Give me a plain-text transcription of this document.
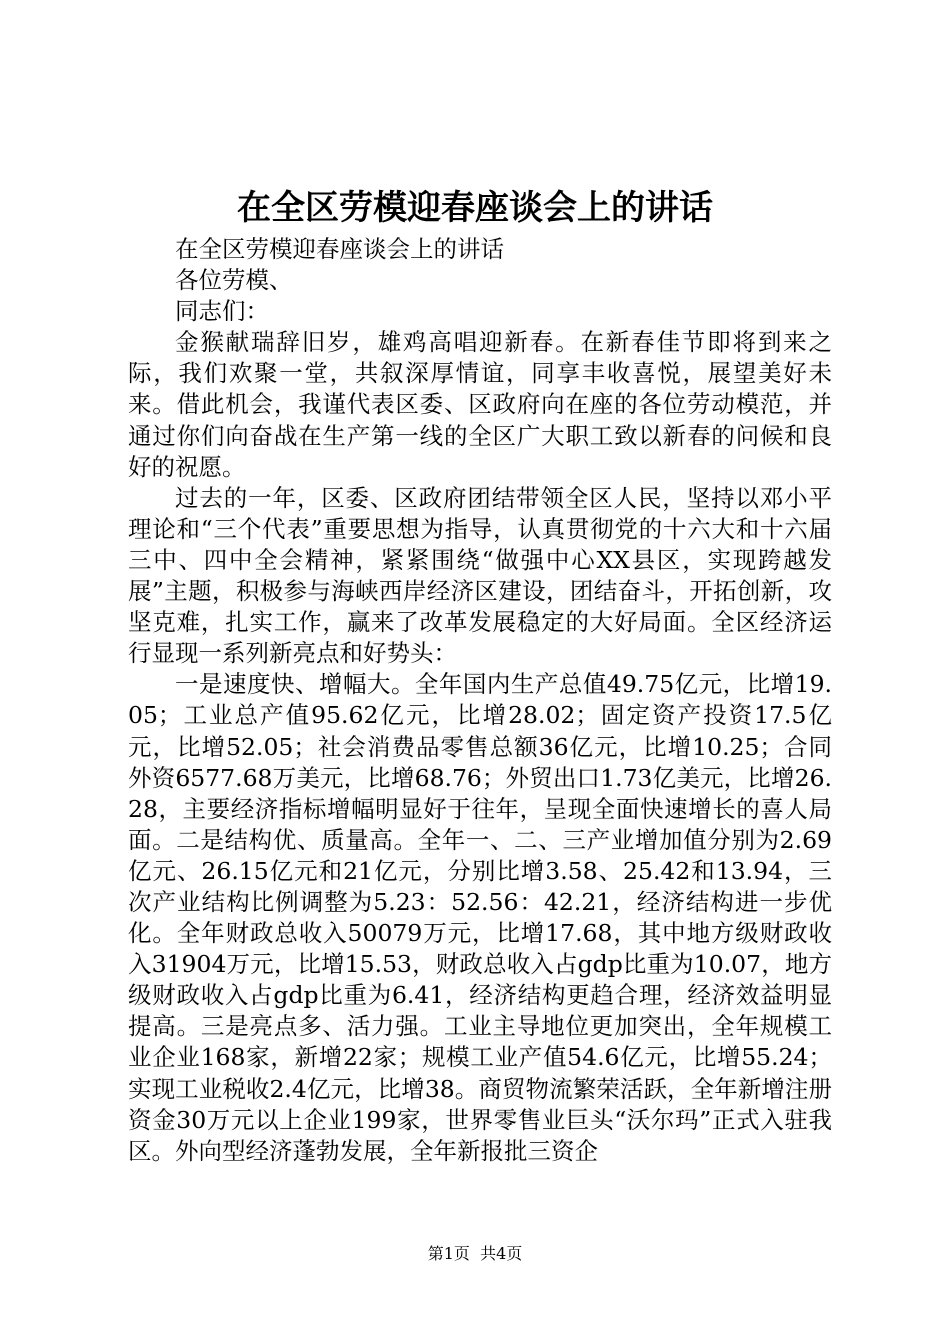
在全区劳模迎春座谈会上的讲话

在全区劳模迎春座谈会上的讲话

各位劳模、

同志们：

金猴献瑞辞旧岁，雄鸡高唱迎新春。在新春佳节即将到来之际，我们欢聚一堂，共叙深厚情谊，同享丰收喜悦，展望美好未来。借此机会，我谨代表区委、区政府向在座的各位劳动模范，并通过你们向奋战在生产第一线的全区广大职工致以新春的问候和良好的祝愿。

过去的一年，区委、区政府团结带领全区人民，坚持以邓小平理论和“三个代表”重要思想为指导，认真贯彻党的十六大和十六届三中、四中全会精神，紧紧围绕“做强中心XX县区，实现跨越发展”主题，积极参与海峡西岸经济区建设，团结奋斗，开拓创新，攻坚克难，扎实工作，赢来了改革发展稳定的大好局面。全区经济运行显现一系列新亮点和好势头：

一是速度快、增幅大。全年国内生产总值49.75亿元，比增19.05；工业总产值95.62亿元，比增28.02；固定资产投资17.5亿元，比增52.05；社会消费品零售总额36亿元，比增10.25；合同外资6577.68万美元，比增68.76；外贸出口1.73亿美元，比增26.28，主要经济指标增幅明显好于往年，呈现全面快速增长的喜人局面。二是结构优、质量高。全年一、二、三产业增加值分别为2.69亿元、26.15亿元和21亿元，分别比增3.58、25.42和13.94，三次产业结构比例调整为5.23：52.56：42.21，经济结构进一步优化。全年财政总收入50079万元，比增17.68，其中地方级财政收入31904万元，比增15.53，财政总收入占gdp比重为10.07，地方级财政收入占gdp比重为6.41，经济结构更趋合理，经济效益明显提高。三是亮点多、活力强。工业主导地位更加突出，全年规模工业企业168家，新增22家；规模工业产值54.6亿元，比增55.24；实现工业税收2.4亿元，比增38。商贸物流繁荣活跃，全年新增注册资金30万元以上企业199家，世界零售业巨头“沃尔玛”正式入驻我区。外向型经济蓬勃发展，全年新报批三资企

第1页 共4页
